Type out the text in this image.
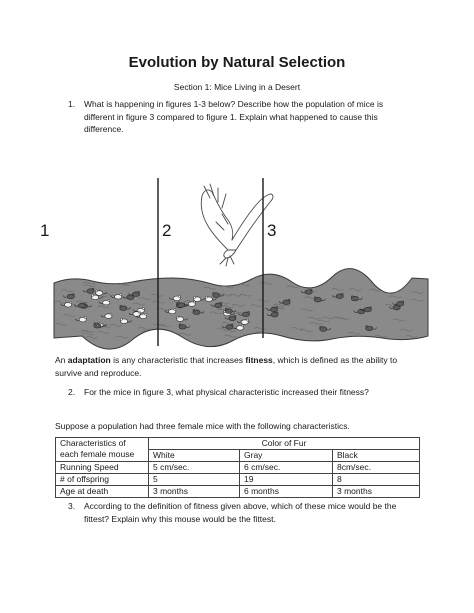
Evolution by Natural Selection
Section 1: Mice Living in a Desert
1. What is happening in figures 1-3 below? Describe how the population of mice is different in figure 3 compared to figure 1. Explain what happened to cause this difference.
1	2	3
An adaptation is any characteristic that increases fitness, which is defined as the ability to survive and reproduce.
2. For the mice in figure 3, what physical characteristic increased their fitness?
Suppose a population had three female mice with the following characteristics.
Characteristics of
each female mouse	Color of Fur		
	White	Gray	Black
Running Speed	5 cm/sec.	6 cm/sec.	8cm/sec.
# of offspring	5	19	8
Age at death	3 months	6 months	3 months
3. According to the definition of fitness given above, which of these mice would be the fittest? Explain why this mouse would be the fittest.
